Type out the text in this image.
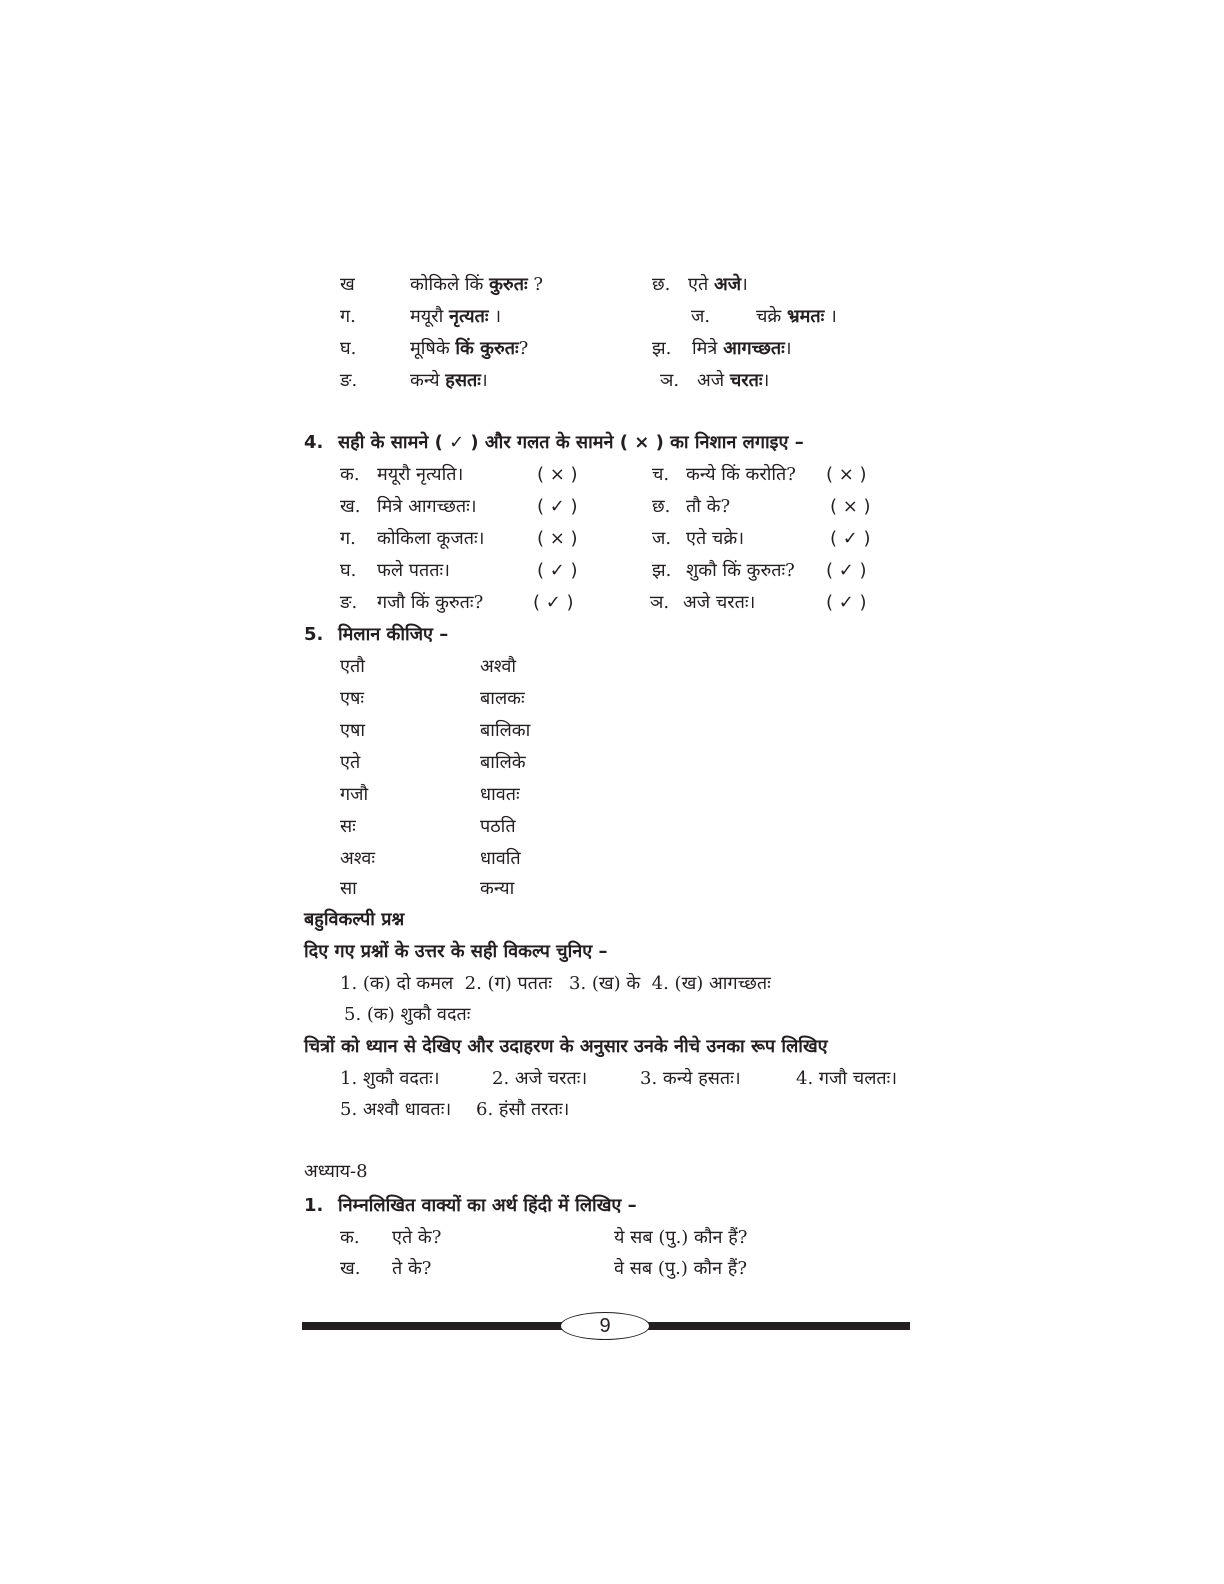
ख	कोकिले किं कुरुतः ?	छ. एते अजे।
ग.	मयूरौ नृत्यतः ।	ज.	चक्रे भ्रमतः ।
घ.	मूषिके किं कुरुतः?	झ. मित्रे आगच्छतः।
ङ.	कन्ये हसतः।	ञ. अजे चरतः।
4. सही के सामने ( ✓ ) और गलत के सामने ( × ) का निशान लगाइए –
क. मयूरौ नृत्यति।	( × )	च. कन्ये किं करोति? ( × )
ख. मित्रे आगच्छतः।	( ✓ )	छ. तौ के?	( × )
ग. कोकिला कूजतः।	( × )	ज. एते चक्रे।	( ✓ )
घ. फले पततः।	( ✓ )	झ. शुकौ किं कुरुतः? ( ✓ )
ङ. गजौ किं कुरुतः?	( ✓ )	ञ. अजे चरतः।	( ✓ )
5. मिलान कीजिए –
एतौ	अश्वौ
एषः	बालकः
एषा	बालिका
एते	बालिके
गजौ	धावतः
सः	पठति
अश्वः	धावति
सा	कन्या
बहुविकल्पी प्रश्न
दिए गए प्रश्नों के उत्तर के सही विकल्प चुनिए –
1. (क) दो कमल  2. (ग) पततः   3. (ख) के  4. (ख) आगच्छतः
5. (क) शुकौ वदतः
चित्रों को ध्यान से देखिए और उदाहरण के अनुसार उनके नीचे उनका रूप लिखिए
1. शुकौ वदतः।	2. अजे चरतः।	3. कन्ये हसतः।	4. गजौ चलतः।
5. अश्वौ धावतः। 6. हंसौ तरतः।
अध्याय-8
1. निम्नलिखित वाक्यों का अर्थ हिंदी में लिखिए –
क. एते के?	ये सब (पु.) कौन हैं?
ख. ते के?	वे सब (पु.) कौन हैं?
9
